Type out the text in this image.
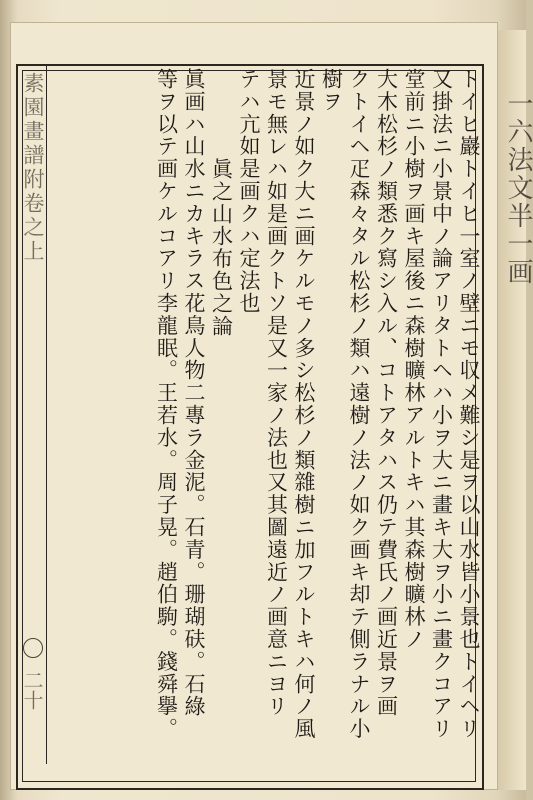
一六法文半一画
素園畫譜附卷之上
二十	トイヒ巖トイヒ一室ノ壁ニモ収メ難シ是ヲ以山水皆小景也トイヘリ
又掛法ニ小景中ノ論アリタトヘハ小ヲ大ニ畫キ大ヲ小ニ畫クコアリ
堂前ニ小樹ヲ画キ屋後ニ森樹曠林アルトキハ其森樹曠林ノ
大木松杉ノ類悉ク寫シ入ル、コトアタハス仍テ費氏ノ画近景ヲ画
クトイヘ疋森々タル松杉ノ類ハ遠樹ノ法ノ如ク画キ却テ側ラナル小樹ヲ
近景ノ如ク大ニ画ケルモノ多シ松杉ノ類雜樹ニ加フルトキハ何ノ風
景モ無レハ如是画クトソ是又一家ノ法也又其圖遠近ノ画意ニヨリ
テハ亢如是画クハ定法也
眞之山水布色之論
眞画ハ山水ニカキラス花鳥人物二專ラ金泥。石青。珊瑚砆。石綠
等ヲ以テ画ケルコアリ李龍眠。王若水。周子晃。趙伯駒。錢舜擧。
